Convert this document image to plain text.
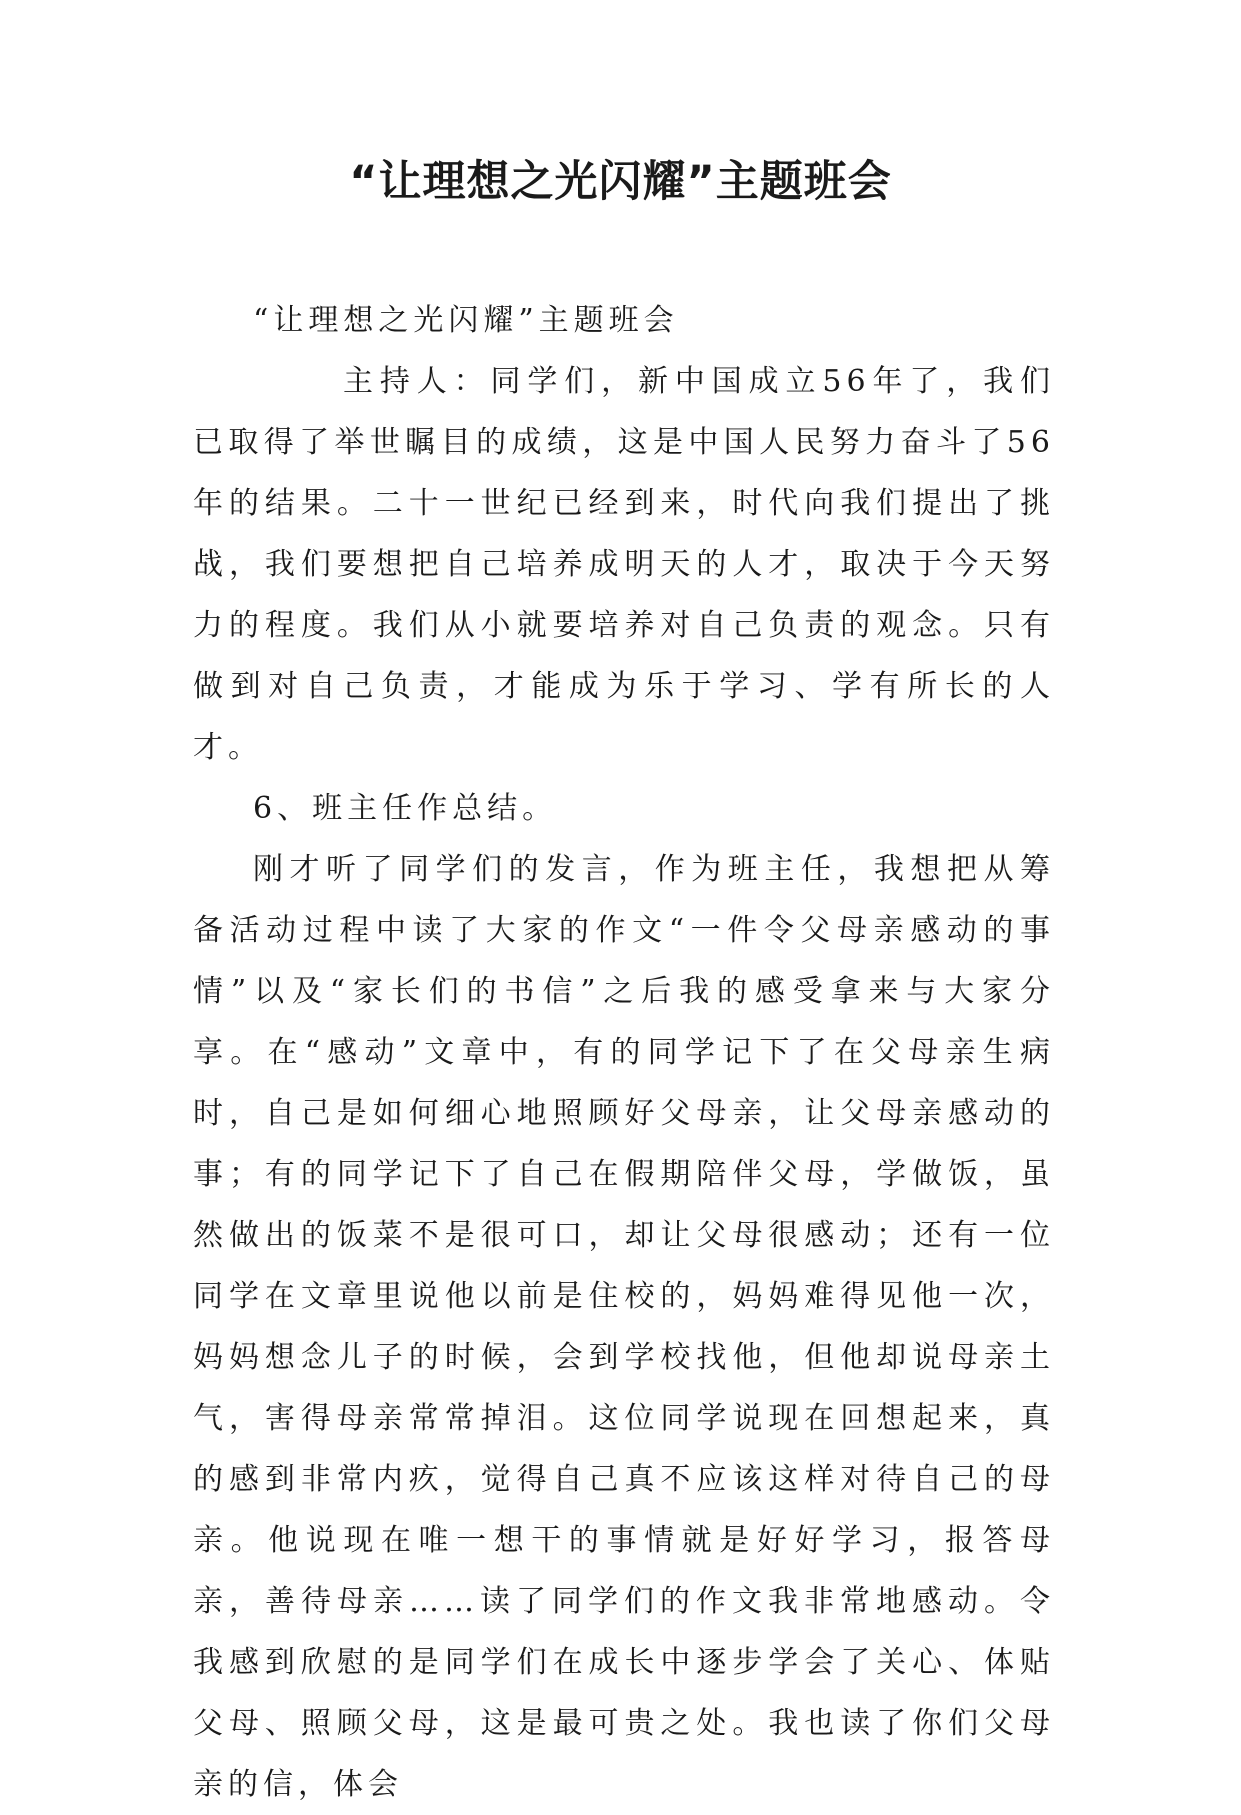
“让理想之光闪耀”主题班会

“让理想之光闪耀”主题班会

主持人：同学们，新中国成立56年了，我们已取得了举世瞩目的成绩，这是中国人民努力奋斗了56年的结果。二十一世纪已经到来，时代向我们提出了挑战，我们要想把自己培养成明天的人才，取决于今天努力的程度。我们从小就要培养对自己负责的观念。只有做到对自己负责，才能成为乐于学习、学有所长的人才。

6、班主任作总结。

刚才听了同学们的发言，作为班主任，我想把从筹备活动过程中读了大家的作文“一件令父母亲感动的事情”以及“家长们的书信”之后我的感受拿来与大家分享。在“感动”文章中，有的同学记下了在父母亲生病时，自己是如何细心地照顾好父母亲，让父母亲感动的事；有的同学记下了自己在假期陪伴父母，学做饭，虽然做出的饭菜不是很可口，却让父母很感动；还有一位同学在文章里说他以前是住校的，妈妈难得见他一次，妈妈想念儿子的时候，会到学校找他，但他却说母亲土气，害得母亲常常掉泪。这位同学说现在回想起来，真的感到非常内疚，觉得自己真不应该这样对待自己的母亲。他说现在唯一想干的事情就是好好学习，报答母亲，善待母亲……读了同学们的作文我非常地感动。令我感到欣慰的是同学们在成长中逐步学会了关心、体贴父母、照顾父母，这是最可贵之处。我也读了你们父母亲的信，体会
